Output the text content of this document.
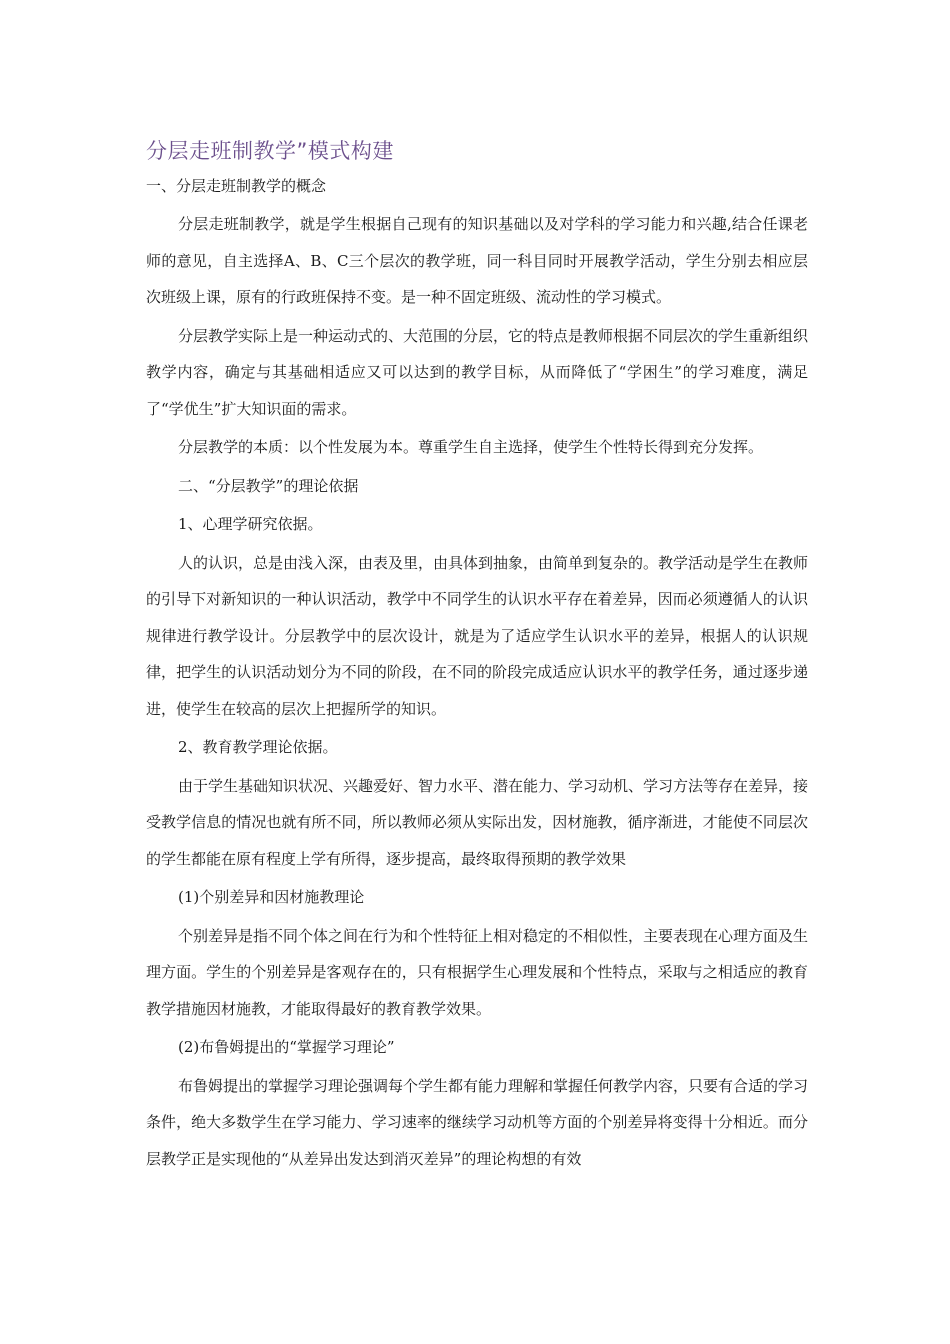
分层走班制教学”模式构建
一、分层走班制教学的概念

分层走班制教学，就是学生根据自己现有的知识基础以及对学科的学习能力和兴趣,结合任课老师的意见，自主选择A、B、C三个层次的教学班，同一科目同时开展教学活动，学生分别去相应层次班级上课，原有的行政班保持不变。是一种不固定班级、流动性的学习模式。

分层教学实际上是一种运动式的、大范围的分层，它的特点是教师根据不同层次的学生重新组织教学内容，确定与其基础相适应又可以达到的教学目标，从而降低了“学困生”的学习难度，满足了“学优生”扩大知识面的需求。

分层教学的本质：以个性发展为本。尊重学生自主选择，使学生个性特长得到充分发挥。

二、“分层教学”的理论依据
1、心理学研究依据。

人的认识，总是由浅入深，由表及里，由具体到抽象，由简单到复杂的。教学活动是学生在教师的引导下对新知识的一种认识活动，教学中不同学生的认识水平存在着差异，因而必须遵循人的认识规律进行教学设计。分层教学中的层次设计，就是为了适应学生认识水平的差异，根据人的认识规律，把学生的认识活动划分为不同的阶段，在不同的阶段完成适应认识水平的教学任务，通过逐步递进，使学生在较高的层次上把握所学的知识。

2、教育教学理论依据。

由于学生基础知识状况、兴趣爱好、智力水平、潜在能力、学习动机、学习方法等存在差异，接受教学信息的情况也就有所不同，所以教师必须从实际出发，因材施教，循序渐进，才能使不同层次的学生都能在原有程度上学有所得，逐步提高，最终取得预期的教学效果

(1)个别差异和因材施教理论

个别差异是指不同个体之间在行为和个性特征上相对稳定的不相似性，主要表现在心理方面及生理方面。学生的个别差异是客观存在的，只有根据学生心理发展和个性特点，采取与之相适应的教育教学措施因材施教，才能取得最好的教育教学效果。

(2)布鲁姆提出的“掌握学习理论”

布鲁姆提出的掌握学习理论强调每个学生都有能力理解和掌握任何教学内容，只要有合适的学习条件，绝大多数学生在学习能力、学习速率的继续学习动机等方面的个别差异将变得十分相近。而分层教学正是实现他的“从差异出发达到消灭差异”的理论构想的有效
